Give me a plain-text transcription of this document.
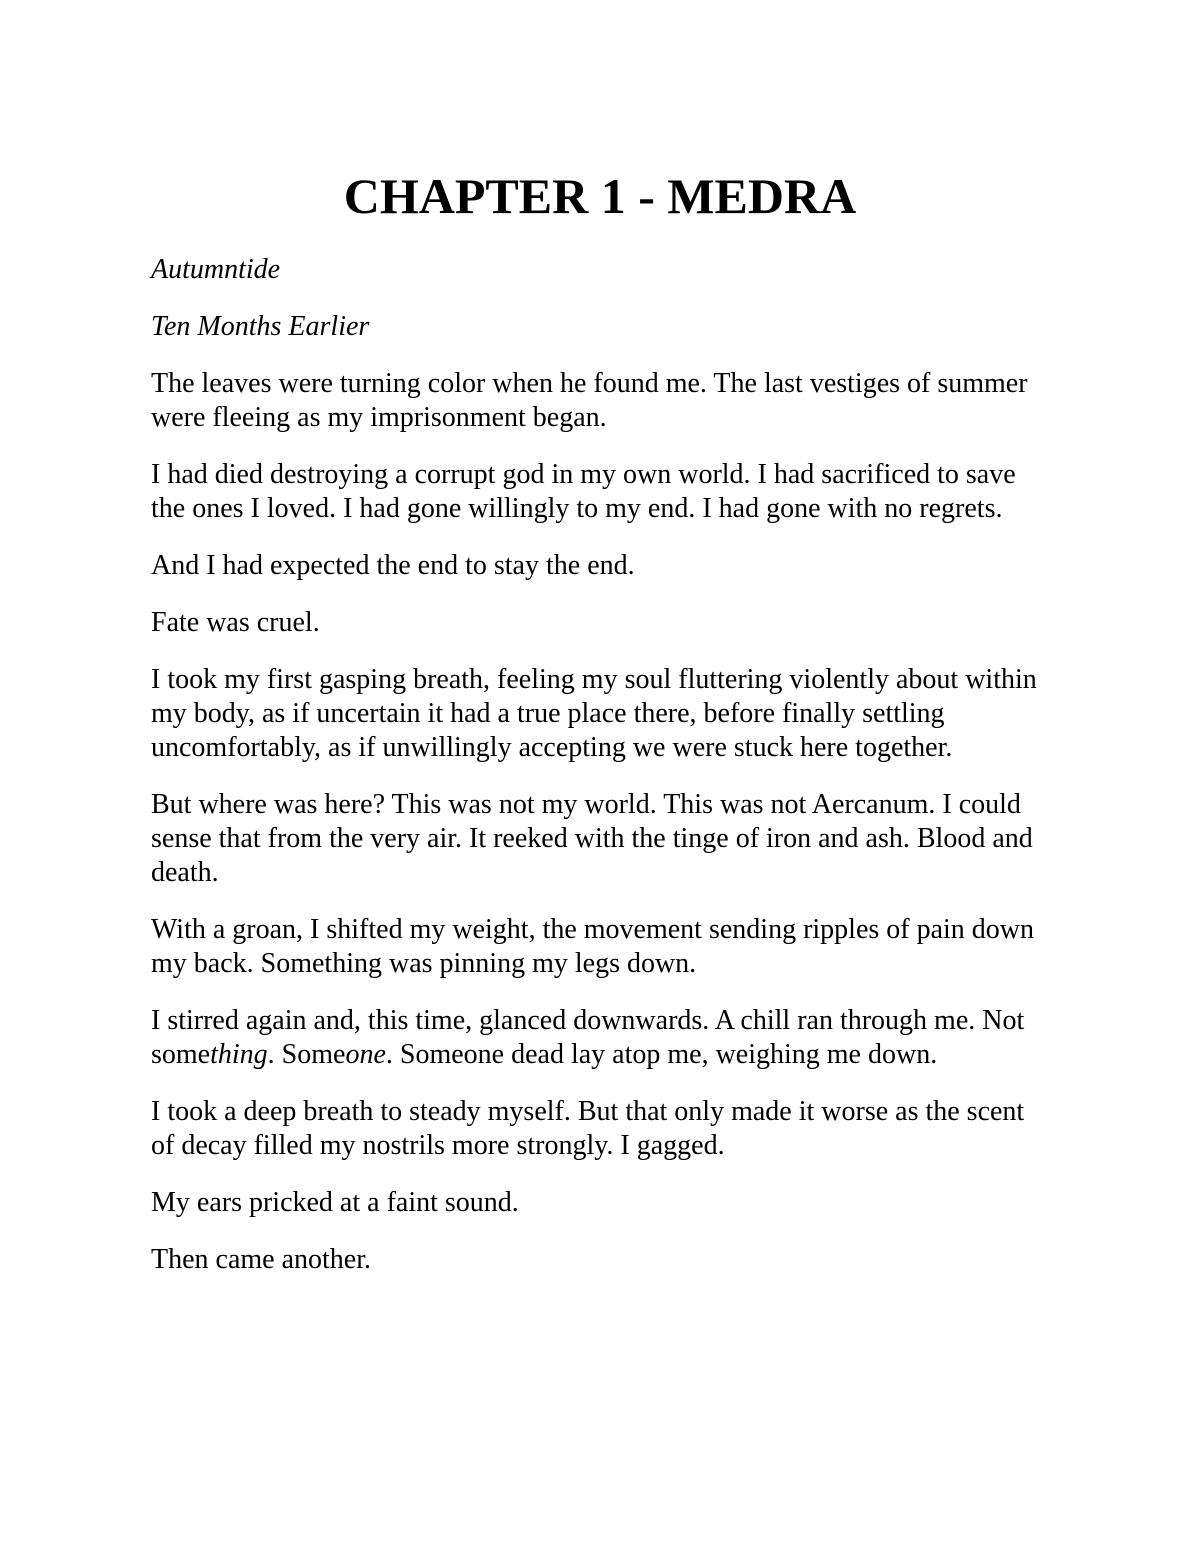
CHAPTER 1 - MEDRA

Autumntide

Ten Months Earlier

The leaves were turning color when he found me. The last vestiges of summer were fleeing as my imprisonment began.

I had died destroying a corrupt god in my own world. I had sacrificed to save the ones I loved. I had gone willingly to my end. I had gone with no regrets.

And I had expected the end to stay the end.

Fate was cruel.

I took my first gasping breath, feeling my soul fluttering violently about within my body, as if uncertain it had a true place there, before finally settling uncomfortably, as if unwillingly accepting we were stuck here together.

But where was here? This was not my world. This was not Aercanum. I could sense that from the very air. It reeked with the tinge of iron and ash. Blood and death.

With a groan, I shifted my weight, the movement sending ripples of pain down my back. Something was pinning my legs down.

I stirred again and, this time, glanced downwards. A chill ran through me. Not something. Someone. Someone dead lay atop me, weighing me down.

I took a deep breath to steady myself. But that only made it worse as the scent of decay filled my nostrils more strongly. I gagged.

My ears pricked at a faint sound.

Then came another.
